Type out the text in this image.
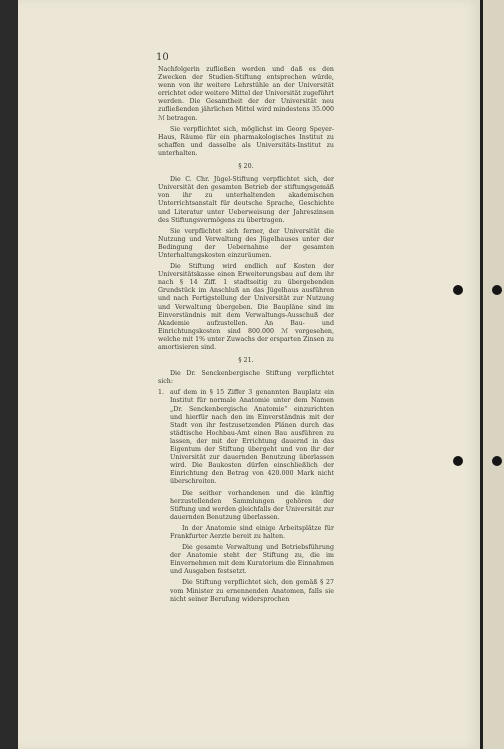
10

Nachfolgerin zufließen werden und daß es den Zwecken der Studien-Stiftung entsprechen würde, wenn von ihr weitere Lehrstühle an der Universität errichtet oder weitere Mittel der Universität zugeführt werden. Die Gesamtheit der der Universität neu zufließenden jährlichen Mittel wird mindestens 35.000 ℳ betragen.

Sie verpflichtet sich, möglichst im Georg Speyer-Haus, Räume für ein pharmakologisches Institut zu schaffen und dasselbe als Universitäts-Institut zu unterhalten.

§ 20.

Die C. Chr. Jügel-Stiftung verpflichtet sich, der Universität den gesamten Betrieb der stiftungsgemäß von ihr zu unterhaltenden akademischen Unterrichtsanstalt für deutsche Sprache, Geschichte und Literatur unter Ueberweisung der Jahreszinsen des Stiftungsvermögens zu übertragen.

Sie verpflichtet sich ferner, der Universität die Nutzung und Verwaltung des Jügelhauses unter der Bedingung der Uebernahme der gesamten Unterhaltungskosten einzuräumen.

Die Stiftung wird endlich auf Kosten der Universitätskasse einen Erweiterungsbau auf dem ihr nach § 14 Ziff. 1 stadtseitig zu übergebenden Grundstück im Anschluß an das Jügelhaus ausführen und nach Fertigstellung der Universität zur Nutzung und Verwaltung übergeben. Die Baupläne sind im Einverständnis mit dem Verwaltungs-Ausschuß der Akademie aufzustellen. An Bau- und Einrichtungskosten sind 800.000 ℳ vorgesehen, welche mit 1% unter Zuwachs der ersparten Zinsen zu amortisieren sind.

§ 21.

Die Dr. Senckenbergische Stiftung verpflichtet sich:

1. auf dem in § 15 Ziffer 3 genannten Bauplatz ein Institut für normale Anatomie unter dem Namen „Dr. Senckenbergische Anatomie“ einzurichten und hierfür nach den im Einverständnis mit der Stadt von ihr festzusetzenden Plänen durch das städtische Hochbau-Amt einen Bau ausführen zu lassen, der mit der Errichtung dauernd in das Eigentum der Stiftung übergeht und von ihr der Universität zur dauernden Benutzung überlassen wird. Die Baukosten dürfen einschließlich der Einrichtung den Betrag von 420.000 Mark nicht überschreiten.

Die seither vorhandenen und die künftig herzustellenden Sammlungen gehören der Stiftung und werden gleichfalls der Universität zur dauernden Benutzung überlassen.

In der Anatomie sind einige Arbeitsplätze für Frankfurter Aerzte bereit zu halten.

Die gesamte Verwaltung und Betriebsführung der Anatomie steht der Stiftung zu, die im Einvernehmen mit dem Kuratorium die Einnahmen und Ausgaben festsetzt.

Die Stiftung verpflichtet sich, den gemäß § 27 vom Minister zu ernennenden Anatomen, falls sie nicht seiner Berufung widersprochen
